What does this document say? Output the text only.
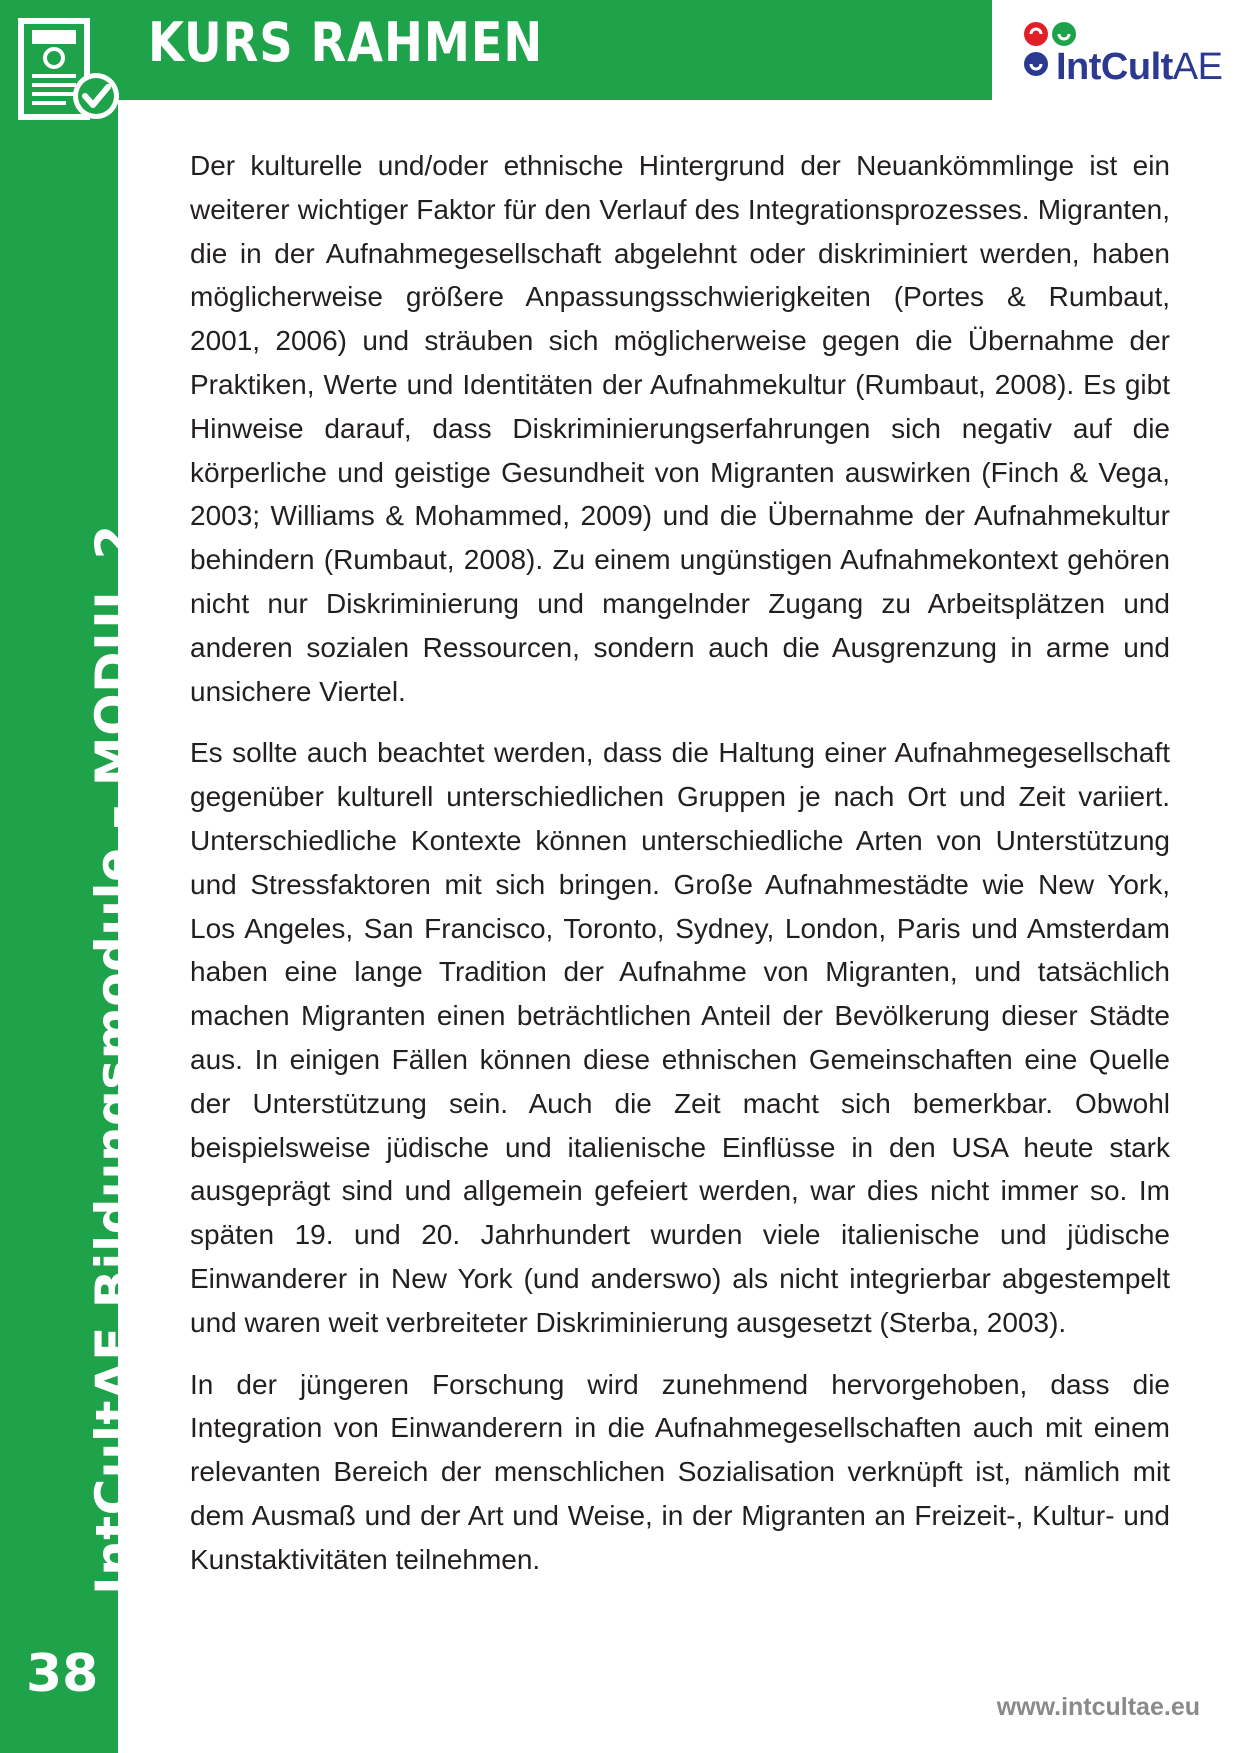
KURS RAHMEN	IntCultAE
IntCultAE Bildungsmodule – MODUL 2
38

Der kulturelle und/oder ethnische Hintergrund der Neuankömmlinge ist ein weiterer wichtiger Faktor für den Verlauf des Integrationsprozesses. Migranten, die in der Aufnahmegesellschaft abgelehnt oder diskriminiert werden, haben möglicherweise größere Anpassungsschwierigkeiten (Portes & Rumbaut, 2001, 2006) und sträuben sich möglicherweise gegen die Übernahme der Praktiken, Werte und Identitäten der Aufnahmekultur (Rumbaut, 2008). Es gibt Hinweise darauf, dass Diskriminierungserfahrungen sich negativ auf die körperliche und geistige Gesundheit von Migranten auswirken (Finch & Vega, 2003; Williams & Mohammed, 2009) und die Übernahme der Aufnahmekultur behindern (Rumbaut, 2008). Zu einem ungünstigen Aufnahmekontext gehören nicht nur Diskriminierung und mangelnder Zugang zu Arbeitsplätzen und anderen sozialen Ressourcen, sondern auch die Ausgrenzung in arme und unsichere Viertel.

Es sollte auch beachtet werden, dass die Haltung einer Aufnahmegesellschaft gegenüber kulturell unterschiedlichen Gruppen je nach Ort und Zeit variiert. Unterschiedliche Kontexte können unterschiedliche Arten von Unterstützung und Stressfaktoren mit sich bringen. Große Aufnahmestädte wie New York, Los Angeles, San Francisco, Toronto, Sydney, London, Paris und Amsterdam haben eine lange Tradition der Aufnahme von Migranten, und tatsächlich machen Migranten einen beträchtlichen Anteil der Bevölkerung dieser Städte aus. In einigen Fällen können diese ethnischen Gemeinschaften eine Quelle der Unterstützung sein. Auch die Zeit macht sich bemerkbar. Obwohl beispielsweise jüdische und italienische Einflüsse in den USA heute stark ausgeprägt sind und allgemein gefeiert werden, war dies nicht immer so. Im späten 19. und 20. Jahrhundert wurden viele italienische und jüdische Einwanderer in New York (und anderswo) als nicht integrierbar abgestempelt und waren weit verbreiteter Diskriminierung ausgesetzt (Sterba, 2003).

In der jüngeren Forschung wird zunehmend hervorgehoben, dass die Integration von Einwanderern in die Aufnahmegesellschaften auch mit einem relevanten Bereich der menschlichen Sozialisation verknüpft ist, nämlich mit dem Ausmaß und der Art und Weise, in der Migranten an Freizeit-, Kultur- und Kunstaktivitäten teilnehmen.

www.intcultae.eu
